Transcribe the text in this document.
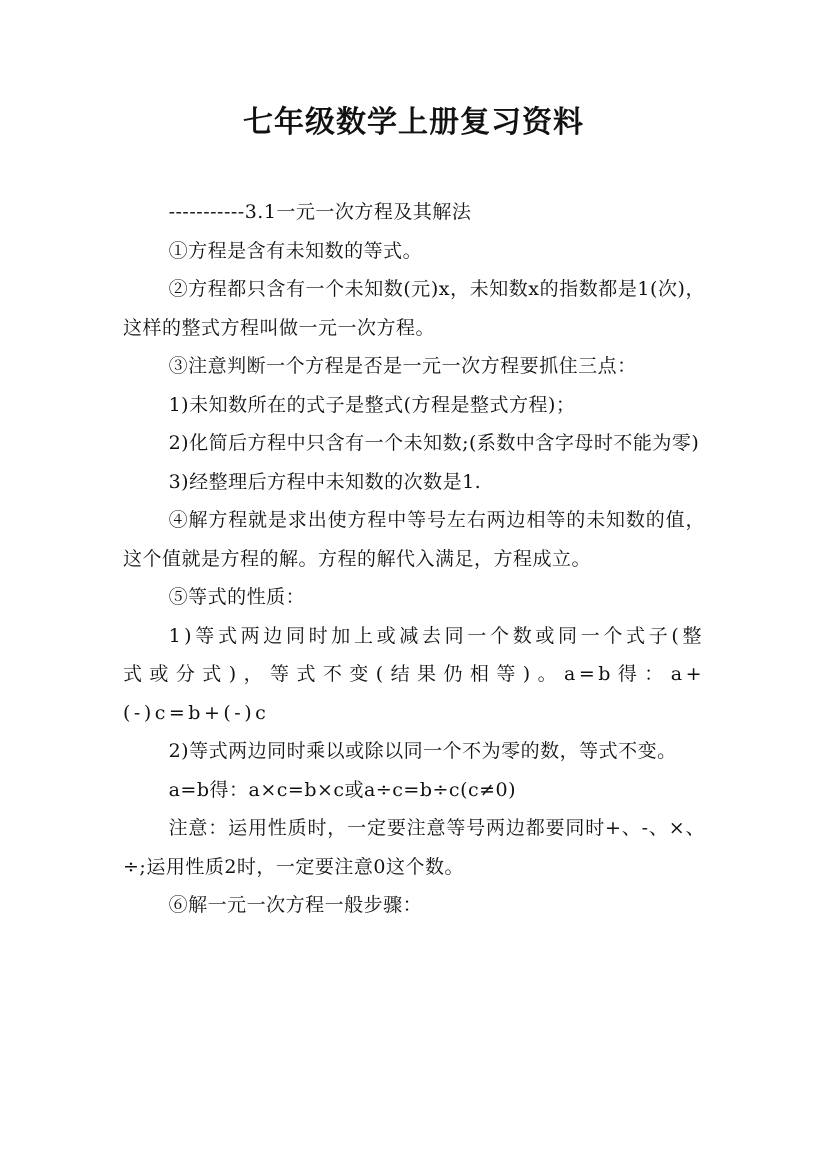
七年级数学上册复习资料

-----------3.1一元一次方程及其解法

①方程是含有未知数的等式。

②方程都只含有一个未知数(元)x，未知数x的指数都是1(次)，这样的整式方程叫做一元一次方程。

③注意判断一个方程是否是一元一次方程要抓住三点：

1)未知数所在的式子是整式(方程是整式方程)；

2)化简后方程中只含有一个未知数;(系数中含字母时不能为零)

3)经整理后方程中未知数的次数是1.

④解方程就是求出使方程中等号左右两边相等的未知数的值，这个值就是方程的解。方程的解代入满足，方程成立。

⑤等式的性质：

1)等式两边同时加上或减去同一个数或同一个式子(整式或分式)，等式不变(结果仍相等)。a=b得：a+(-)c=b+(-)c

2)等式两边同时乘以或除以同一个不为零的数，等式不变。

a=b得：a×c=b×c或a÷c=b÷c(c≠0)

注意：运用性质时，一定要注意等号两边都要同时+、-、×、÷;运用性质2时，一定要注意0这个数。

⑥解一元一次方程一般步骤：
